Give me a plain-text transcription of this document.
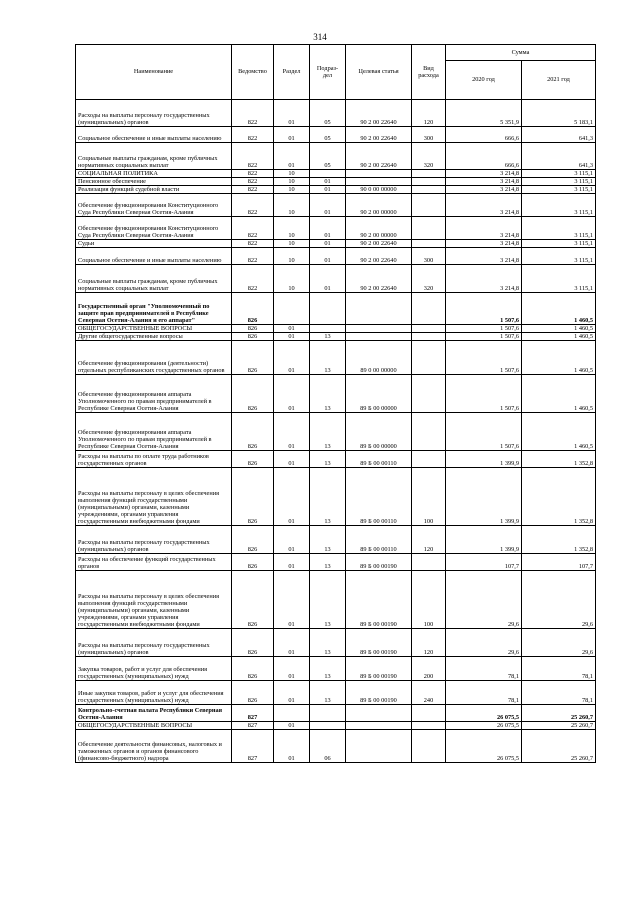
314
Наименование	Ведомство	Раздел	Подраз-
дел	Целевая статья	Вид
расхода	Сумма	
						2020 год	2021 год
Расходы на выплаты персоналу государственных (муниципальных) органов	822	01	05	90 2 00 22640	120	5 351,9	5 183,1
Социальное обеспечение и иные выплаты населению	822	01	05	90 2 00 22640	300	666,6	641,3
Социальные выплаты гражданам, кроме публичных нормативных социальных выплат	822	01	05	90 2 00 22640	320	666,6	641,3
СОЦИАЛЬНАЯ ПОЛИТИКА	822	10				3 214,8	3 115,1
Пенсионное обеспечение	822	10	01			3 214,8	3 115,1
Реализация функций судебной власти	822	10	01	90 0 00 00000		3 214,8	3 115,1
Обеспечение функционирования Конституционного Суда Республики Северная Осетия-Алания	822	10	01	90 2 00 00000		3 214,8	3 115,1
Обеспечение функционирования Конституционного Суда Республики Северная Осетия-Алания	822	10	01	90 2 00 00000		3 214,8	3 115,1
Судьи	822	10	01	90 2 00 22640		3 214,8	3 115,1
Социальное обеспечение и иные выплаты населению	822	10	01	90 2 00 22640	300	3 214,8	3 115,1
Социальные выплаты гражданам, кроме публичных нормативных социальных выплат	822	10	01	90 2 00 22640	320	3 214,8	3 115,1
Государственный орган "Уполномоченный по защите прав предпринимателей в Республике Северная Осетия-Алания и его аппарат"	826					1 507,6	1 460,5
ОБЩЕГОСУДАРСТВЕННЫЕ ВОПРОСЫ	826	01				1 507,6	1 460,5
Другие общегосударственные вопросы	826	01	13			1 507,6	1 460,5
Обеспечение функционирования (деятельности) отдельных республиканских государственных органов	826	01	13	89 0 00 00000		1 507,6	1 460,5
Обеспечение функционирования аппарата Уполномоченного по правам предпринимателей в Республике Северная Осетия-Алания	826	01	13	89 Б 00 00000		1 507,6	1 460,5
Обеспечение функционирования аппарата Уполномоченного по правам предпринимателей в Республике Северная Осетия-Алания	826	01	13	89 Б 00 00000		1 507,6	1 460,5
Расходы на выплаты по оплате труда работников государственных органов	826	01	13	89 Б 00 00110		1 399,9	1 352,8
Расходы на выплаты персоналу в целях обеспечения выполнения функций государственными (муниципальными) органами, казенными учреждениями, органами управления государственными внебюджетными фондами	826	01	13	89 Б 00 00110	100	1 399,9	1 352,8
Расходы на выплаты персоналу государственных (муниципальных) органов	826	01	13	89 Б 00 00110	120	1 399,9	1 352,8
Расходы на обеспечение функций государственных органов	826	01	13	89 Б 00 00190		107,7	107,7
Расходы на выплаты персоналу в целях обеспечения выполнения функций государственными (муниципальными) органами, казенными учреждениями, органами управления государственными внебюджетными фондами	826	01	13	89 Б 00 00190	100	29,6	29,6
Расходы на выплаты персоналу государственных (муниципальных) органов	826	01	13	89 Б 00 00190	120	29,6	29,6
Закупка товаров, работ и услуг для обеспечения государственных (муниципальных) нужд	826	01	13	89 Б 00 00190	200	78,1	78,1
Иные закупки товаров, работ и услуг для обеспечения государственных (муниципальных) нужд	826	01	13	89 Б 00 00190	240	78,1	78,1
Контрольно-счетная палата Республики Северная Осетия-Алания	827					26 075,5	25 260,7
ОБЩЕГОСУДАРСТВЕННЫЕ ВОПРОСЫ	827	01				26 075,5	25 260,7
Обеспечение деятельности финансовых, налоговых и таможенных органов и органов финансового (финансово-бюджетного) надзора	827	01	06			26 075,5	25 260,7
